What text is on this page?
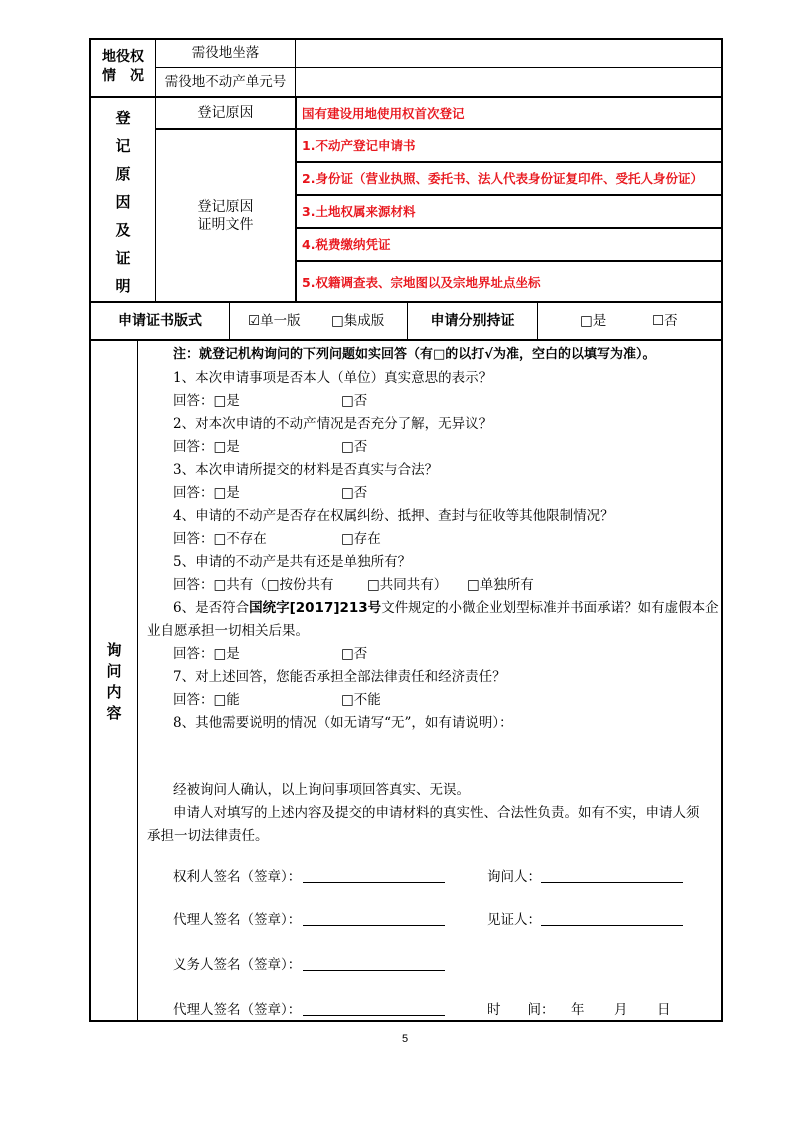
地役权
情　况
需役地坐落
需役地不动产单元号
登
记
原
因
及
证
明
登记原因	国有建设用地使用权首次登记
登记原因
证明文件
1.不动产登记申请书
2.身份证（营业执照、委托书、法人代表身份证复印件、受托人身份证）
3.土地权属来源材料
4.税费缴纳凭证
5.权籍调查表、宗地图以及宗地界址点坐标
申请证书版式	☑单一版 □集成版	申请分别持证	□是	☐否
询
问
内
容
注：就登记机构询问的下列问题如实回答（有□的以打√为准，空白的以填写为准）。
1、本次申请事项是否本人（单位）真实意思的表示？
回答：□是	□否
2、对本次申请的不动产情况是否充分了解，无异议？
回答：□是	□否
3、本次申请所提交的材料是否真实与合法？
回答：□是	□否
4、申请的不动产是否存在权属纠纷、抵押、查封与征收等其他限制情况？
回答：□不存在	□存在
5、申请的不动产是共有还是单独所有？
回答：□共有（□按份共有 □共同共有） □单独所有
6、是否符合国统字[2017]213号文件规定的小微企业划型标准并书面承诺？如有虚假本企
业自愿承担一切相关后果。
回答：□是	□否
7、对上述回答，您能否承担全部法律责任和经济责任？
回答：□能	□不能
8、其他需要说明的情况（如无请写“无”，如有请说明）：
经被询问人确认，以上询问事项回答真实、无误。
申请人对填写的上述内容及提交的申请材料的真实性、合法性负责。如有不实，申请人须
承担一切法律责任。
权利人签名（签章）：	询问人：
代理人签名（签章）：	见证人：
义务人签名（签章）：
代理人签名（签章）：	时　　间： 年 月 日
5
